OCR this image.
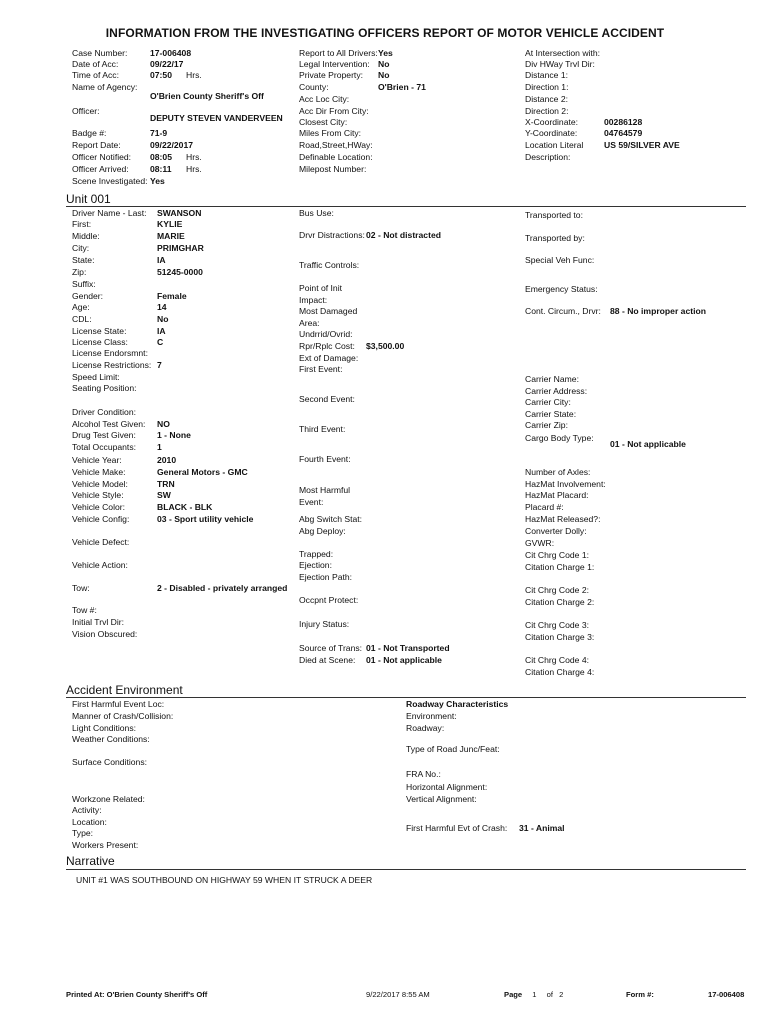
INFORMATION FROM THE INVESTIGATING OFFICERS REPORT OF MOTOR VEHICLE ACCIDENT
Case Number:	17-006408
Date of Acc:	09/22/17
Time of Acc:	07:50 Hrs.
Name of Agency:
O'Brien County Sheriff's Off
Officer:
DEPUTY STEVEN VANDERVEEN
Badge #:	71-9
Report Date:	09/22/2017
Officer Notified: 08:05 Hrs.
Officer Arrived: 08:11 Hrs.
Scene Investigated: Yes
Report to All Drivers: Yes
Legal Intervention: No
Private Property: No
County:	O'Brien - 71
Acc Loc City:
Acc Dir From City:
Closest City:
Miles From City:
Road,Street,HWay:
Definable Location:
Milepost Number:
At Intersection with:
Div HWay Trvl Dir:
Distance 1:
Direction 1:
Distance 2:
Direction 2:
X-Coordinate:	00286128
Y-Coordinate:	04764579
Location Literal US 59/SILVER AVE
Description:
Unit 001
Driver Name - Last: SWANSON
First:	KYLIE
Middle:	MARIE
City:	PRIMGHAR
State:	IA
Zip:	51245-0000
Suffix:
Gender:	Female
Age:	14
CDL:	No
License State:	IA
License Class:	C
License Endorsmnt:
License Restrictions: 7
Speed Limit:
Seating Position:
Driver Condition:
Alcohol Test Given: NO
Drug Test Given: 1 - None
Total Occupants: 1
Vehicle Year:	2010
Vehicle Make:	General Motors - GMC
Vehicle Model:	TRN
Vehicle Style:	SW
Vehicle Color:	BLACK - BLK
Vehicle Config:	03 - Sport utility vehicle
Vehicle Defect:
Vehicle Action:
Tow:	2 - Disabled - privately arranged
Tow #:
Initial Trvl Dir:
Vision Obscured:
Bus Use:
Drvr Distractions: 02 - Not distracted
Traffic Controls:
Point of Init
Impact:
Most Damaged
Area:
Undrrid/Ovrid:
Rpr/Rplc Cost: $3,500.00
Ext of Damage:
First Event:
Second Event:
Third Event:
Fourth Event:
Most Harmful
Event:
Abg Switch Stat:
Abg Deploy:
Trapped:
Ejection:
Ejection Path:
Occpnt Protect:
Injury Status:
Source of Trans: 01 - Not Transported
Died at Scene: 01 - Not applicable
Transported to:
Transported by:
Special Veh Func:
Emergency Status:
Cont. Circum., Drvr: 88 - No improper action
Carrier Name:
Carrier Address:
Carrier City:
Carrier State:
Carrier Zip:
Cargo Body Type:
01 - Not applicable
Number of Axles:
HazMat Involvement:
HazMat Placard:
Placard #:
HazMat Released?:
Converter Dolly:
GVWR:
Cit Chrg Code 1:
Citation Charge 1:
Cit Chrg Code 2:
Citation Charge 2:
Cit Chrg Code 3:
Citation Charge 3:
Cit Chrg Code 4:
Citation Charge 4:
Accident Environment
First Harmful Event Loc:
Manner of Crash/Collision:
Light Conditions:
Weather Conditions:
Surface Conditions:
Workzone Related:
Activity:
Location:
Type:
Workers Present:
Roadway Characteristics
Environment:
Roadway:
Type of Road Junc/Feat:
FRA No.:
Horizontal Alignment:
Vertical Alignment:
First Harmful Evt of Crash: 31 - Animal
Narrative
UNIT #1 WAS SOUTHBOUND ON HIGHWAY 59 WHEN IT STRUCK A DEER
Printed At: O'Brien County Sheriff's Off	9/22/2017 8:55 AM	Page 1 of 2	Form #:	17-006408
